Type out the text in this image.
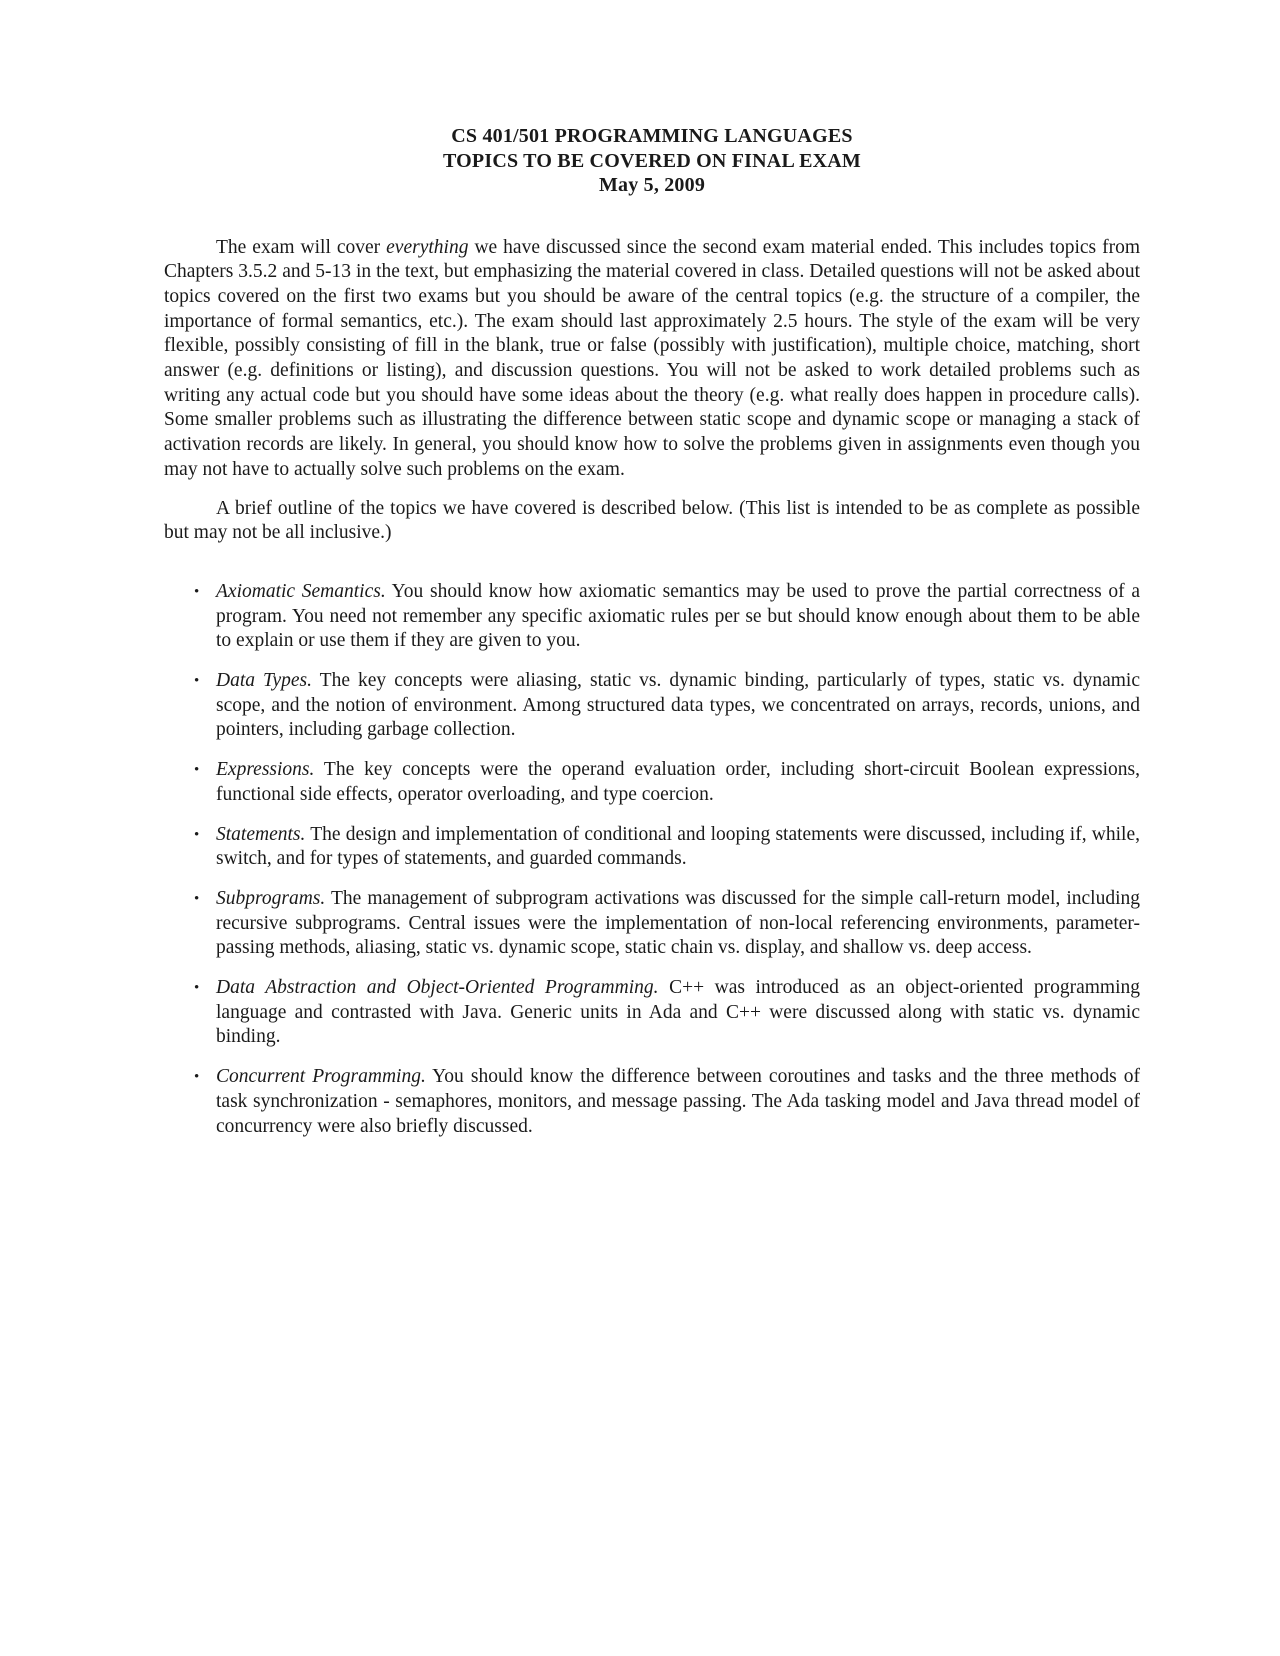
CS 401/501 PROGRAMMING LANGUAGES
TOPICS TO BE COVERED ON FINAL EXAM
May 5, 2009

The exam will cover everything we have discussed since the second exam material ended. This includes topics from Chapters 3.5.2 and 5-13 in the text, but emphasizing the material covered in class. Detailed questions will not be asked about topics covered on the first two exams but you should be aware of the central topics (e.g. the structure of a compiler, the importance of formal semantics, etc.). The exam should last approximately 2.5 hours. The style of the exam will be very flexible, possibly consisting of fill in the blank, true or false (possibly with justification), multiple choice, matching, short answer (e.g. definitions or listing), and discussion questions. You will not be asked to work detailed problems such as writing any actual code but you should have some ideas about the theory (e.g. what really does happen in procedure calls). Some smaller problems such as illustrating the difference between static scope and dynamic scope or managing a stack of activation records are likely. In general, you should know how to solve the problems given in assignments even though you may not have to actually solve such problems on the exam.

A brief outline of the topics we have covered is described below. (This list is intended to be as complete as possible but may not be all inclusive.)

• Axiomatic Semantics. You should know how axiomatic semantics may be used to prove the partial correctness of a program. You need not remember any specific axiomatic rules per se but should know enough about them to be able to explain or use them if they are given to you.
• Data Types. The key concepts were aliasing, static vs. dynamic binding, particularly of types, static vs. dynamic scope, and the notion of environment. Among structured data types, we concentrated on arrays, records, unions, and pointers, including garbage collection.
• Expressions. The key concepts were the operand evaluation order, including short-circuit Boolean expressions, functional side effects, operator overloading, and type coercion.
• Statements. The design and implementation of conditional and looping statements were discussed, including if, while, switch, and for types of statements, and guarded commands.
• Subprograms. The management of subprogram activations was discussed for the simple call-return model, including recursive subprograms. Central issues were the implementation of non-local referencing environments, parameter-passing methods, aliasing, static vs. dynamic scope, static chain vs. display, and shallow vs. deep access.
• Data Abstraction and Object-Oriented Programming. C++ was introduced as an object-oriented programming language and contrasted with Java. Generic units in Ada and C++ were discussed along with static vs. dynamic binding.
• Concurrent Programming. You should know the difference between coroutines and tasks and the three methods of task synchronization - semaphores, monitors, and message passing. The Ada tasking model and Java thread model of concurrency were also briefly discussed.
